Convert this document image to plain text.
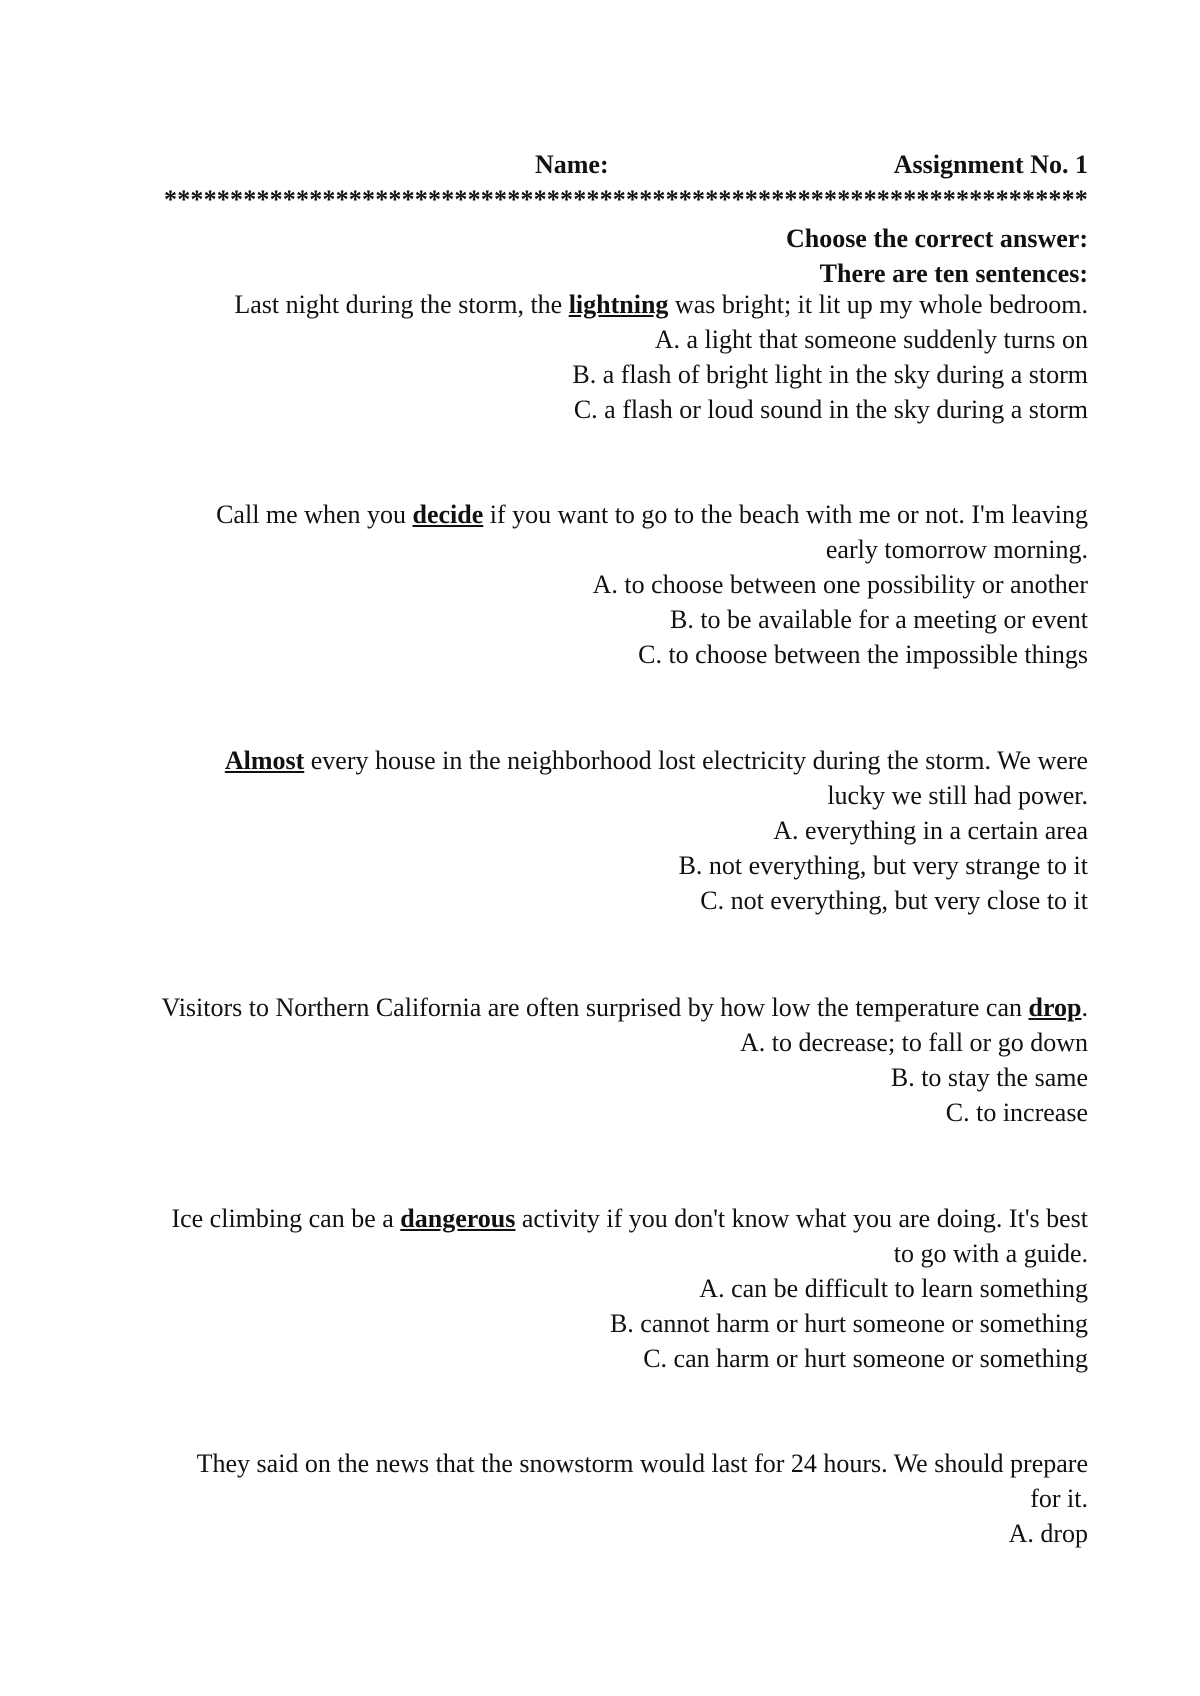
Name:	Assignment No. 1
**********************************************************************
Choose the correct answer:
There are ten sentences:

Last night during the storm, the lightning was bright; it lit up my whole bedroom.

A. a light that someone suddenly turns on
B. a flash of bright light in the sky during a storm
C. a flash or loud sound in the sky during a storm

Call me when you decide if you want to go to the beach with me or not. I'm leaving early tomorrow morning.

A. to choose between one possibility or another
B. to be available for a meeting or event
C. to choose between the impossible things

Almost every house in the neighborhood lost electricity during the storm. We were lucky we still had power.

A. everything in a certain area
B. not everything, but very strange to it
C. not everything, but very close to it

Visitors to Northern California are often surprised by how low the temperature can drop.

A. to decrease; to fall or go down
B. to stay the same
C. to increase

Ice climbing can be a dangerous activity if you don't know what you are doing. It's best to go with a guide.

A. can be difficult to learn something
B. cannot harm or hurt someone or something
C. can harm or hurt someone or something

They said on the news that the snowstorm would last for 24 hours. We should prepare for it.

A. drop
